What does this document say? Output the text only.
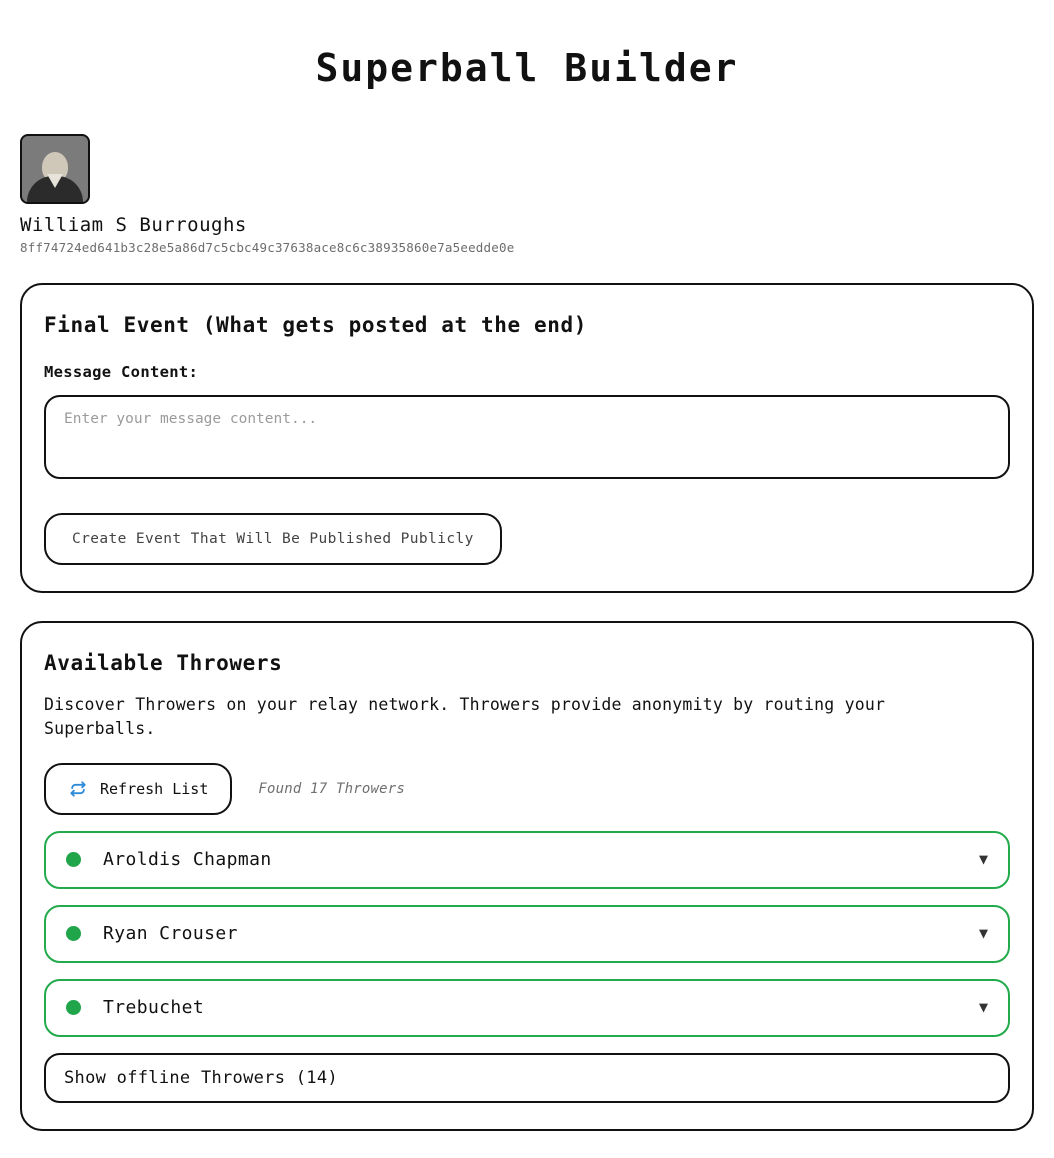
Superball Builder
William S Burroughs
8ff74724ed641b3c28e5a86d7c5cbc49c37638ace8c6c38935860e7a5eedde0e
Final Event (What gets posted at the end)
Message Content:
Enter your message content...
Create Event That Will Be Published Publicly
Available Throwers
Discover Throwers on your relay network. Throwers provide anonymity by routing your Superballs.
Refresh List	Found 17 Throwers
Aroldis Chapman	▼
Ryan Crouser	▼
Trebuchet	▼
Show offline Throwers (14)
